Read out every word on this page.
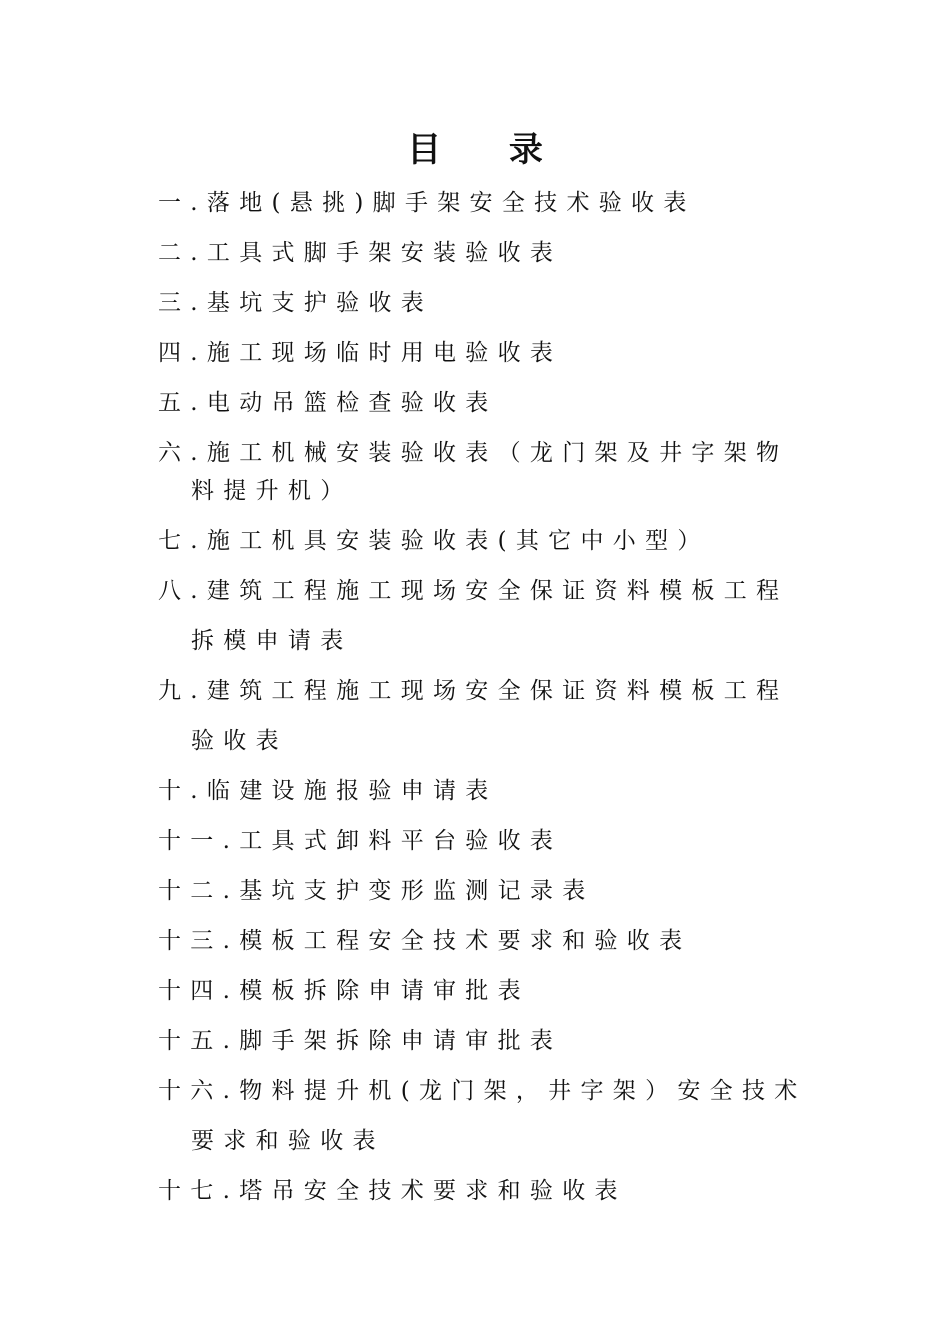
目 录
一.落地(悬挑)脚手架安全技术验收表
二.工具式脚手架安装验收表
三.基坑支护验收表
四.施工现场临时用电验收表
五.电动吊篮检查验收表
六.施工机械安装验收表（龙门架及井字架物料提升机）
七.施工机具安装验收表(其它中小型）
八.建筑工程施工现场安全保证资料模板工程拆模申请表
九.建筑工程施工现场安全保证资料模板工程验收表
十.临建设施报验申请表
十一.工具式卸料平台验收表
十二.基坑支护变形监测记录表
十三.模板工程安全技术要求和验收表
十四.模板拆除申请审批表
十五.脚手架拆除申请审批表
十六.物料提升机(龙门架，井字架）安全技术要求和验收表
十七.塔吊安全技术要求和验收表
